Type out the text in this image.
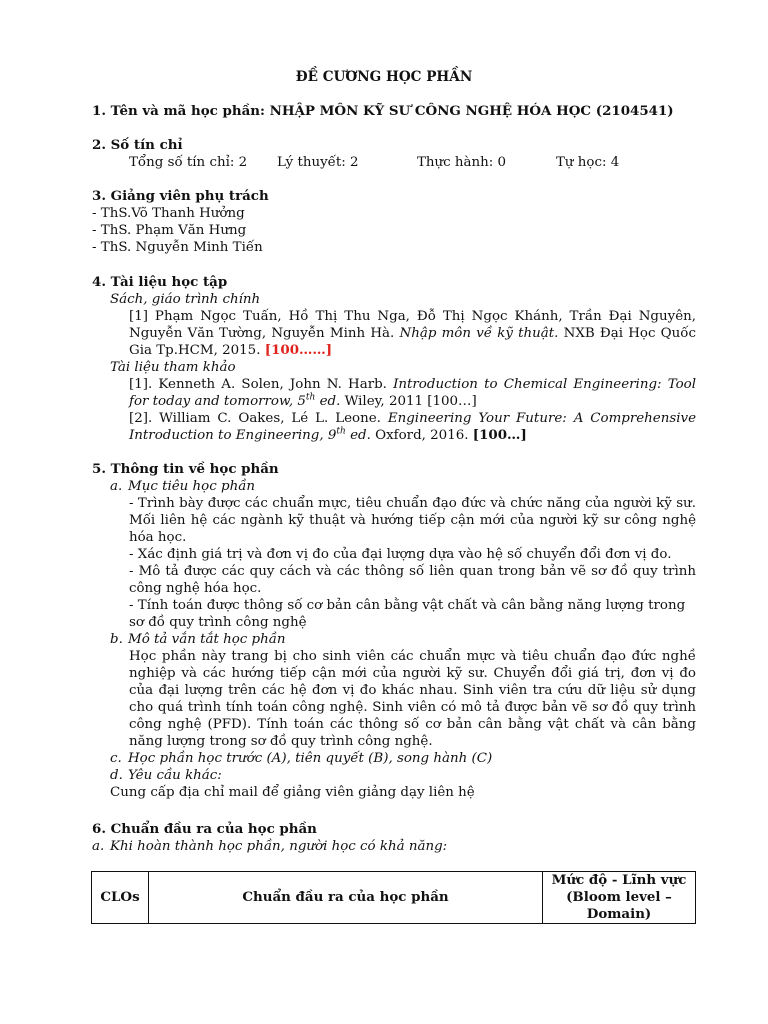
ĐỀ CƯƠNG HỌC PHẦN
1. Tên và mã học phần: NHẬP MÔN KỸ SƯ CÔNG NGHỆ HÓA HỌC (2104541)
2. Số tín chỉ
Tổng số tín chỉ: 2 Lý thuyết: 2	Thực hành: 0	Tự học: 4
3. Giảng viên phụ trách
- ThS.Võ Thanh Hưởng
- ThS. Phạm Văn Hưng
- ThS. Nguyễn Minh Tiến
4. Tài liệu học tập
Sách, giáo trình chính
[1] Phạm Ngọc Tuấn, Hồ Thị Thu Nga, Đỗ Thị Ngọc Khánh, Trần Đại Nguyên, Nguyễn Văn Tường, Nguyễn Minh Hà. Nhập môn về kỹ thuật. NXB Đại Học Quốc Gia Tp.HCM, 2015. [100……]
Tài liệu tham khảo
[1]. Kenneth A. Solen, John N. Harb. Introduction to Chemical Engineering: Tool for today and tomorrow, 5th ed. Wiley, 2011 [100…]
[2]. William C. Oakes, Lé L. Leone. Engineering Your Future: A Comprehensive Introduction to Engineering, 9th ed. Oxford, 2016. [100…]
5. Thông tin về học phần
a. Mục tiêu học phần
- Trình bày được các chuẩn mực, tiêu chuẩn đạo đức và chức năng của người kỹ sư. Mối liên hệ các ngành kỹ thuật và hướng tiếp cận mới của người kỹ sư công nghệ hóa học.
- Xác định giá trị và đơn vị đo của đại lượng dựa vào hệ số chuyển đổi đơn vị đo.
- Mô tả được các quy cách và các thông số liên quan trong bản vẽ sơ đồ quy trình công nghệ hóa học.
- Tính toán được thông số cơ bản cân bằng vật chất và cân bằng năng lượng trong sơ đồ quy trình công nghệ
b. Mô tả vắn tắt học phần
Học phần này trang bị cho sinh viên các chuẩn mực và tiêu chuẩn đạo đức nghề nghiệp và các hướng tiếp cận mới của người kỹ sư. Chuyển đổi giá trị, đơn vị đo của đại lượng trên các hệ đơn vị đo khác nhau. Sinh viên tra cứu dữ liệu sử dụng cho quá trình tính toán công nghệ. Sinh viên có mô tả được bản vẽ sơ đồ quy trình công nghệ (PFD). Tính toán các thông số cơ bản cân bằng vật chất và cân bằng năng lượng trong sơ đồ quy trình công nghệ.
c. Học phần học trước (A), tiên quyết (B), song hành (C)
d. Yêu cầu khác:
Cung cấp địa chỉ mail để giảng viên giảng dạy liên hệ
6. Chuẩn đầu ra của học phần
a. Khi hoàn thành học phần, người học có khả năng:
CLOs	Chuẩn đầu ra của học phần	Mức độ - Lĩnh vực (Bloom level – Domain)
